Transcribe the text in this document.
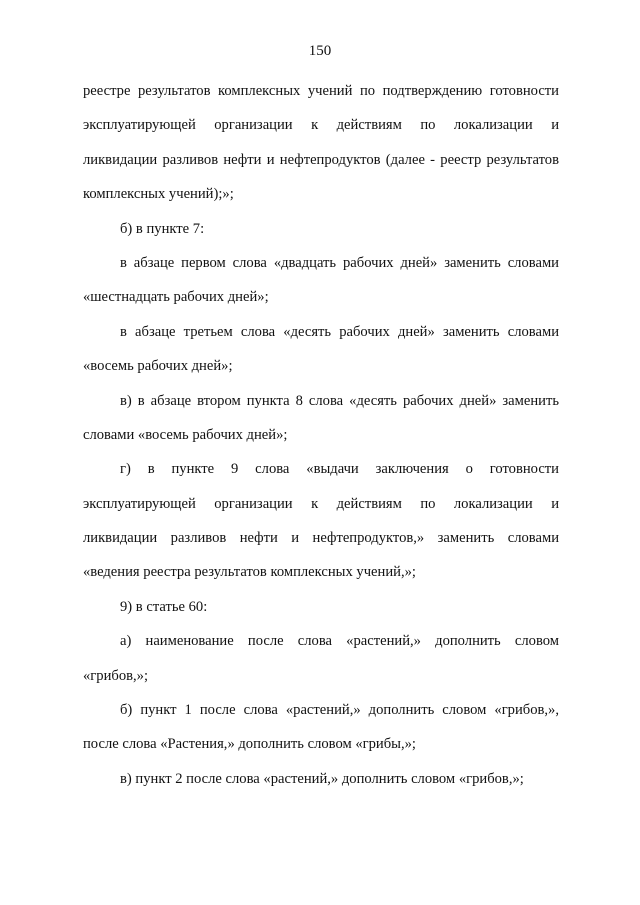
150
реестре результатов комплексных учений по подтверждению готовности
эксплуатирующей организации к действиям по локализации и
ликвидации разливов нефти и нефтепродуктов (далее - реестр результатов
комплексных учений);»;
б) в пункте 7:
в абзаце первом слова «двадцать рабочих дней» заменить словами
«шестнадцать рабочих дней»;
в абзаце третьем слова «десять рабочих дней» заменить словами
«восемь рабочих дней»;
в) в абзаце втором пункта 8 слова «десять рабочих дней» заменить
словами «восемь рабочих дней»;
г) в пункте 9 слова «выдачи заключения о готовности
эксплуатирующей организации к действиям по локализации и
ликвидации разливов нефти и нефтепродуктов,» заменить словами
«ведения реестра результатов комплексных учений,»;
9) в статье 60:
а) наименование после слова «растений,» дополнить словом
«грибов,»;
б) пункт 1 после слова «растений,» дополнить словом «грибов,»,
после слова «Растения,» дополнить словом «грибы,»;
в) пункт 2 после слова «растений,» дополнить словом «грибов,»;
